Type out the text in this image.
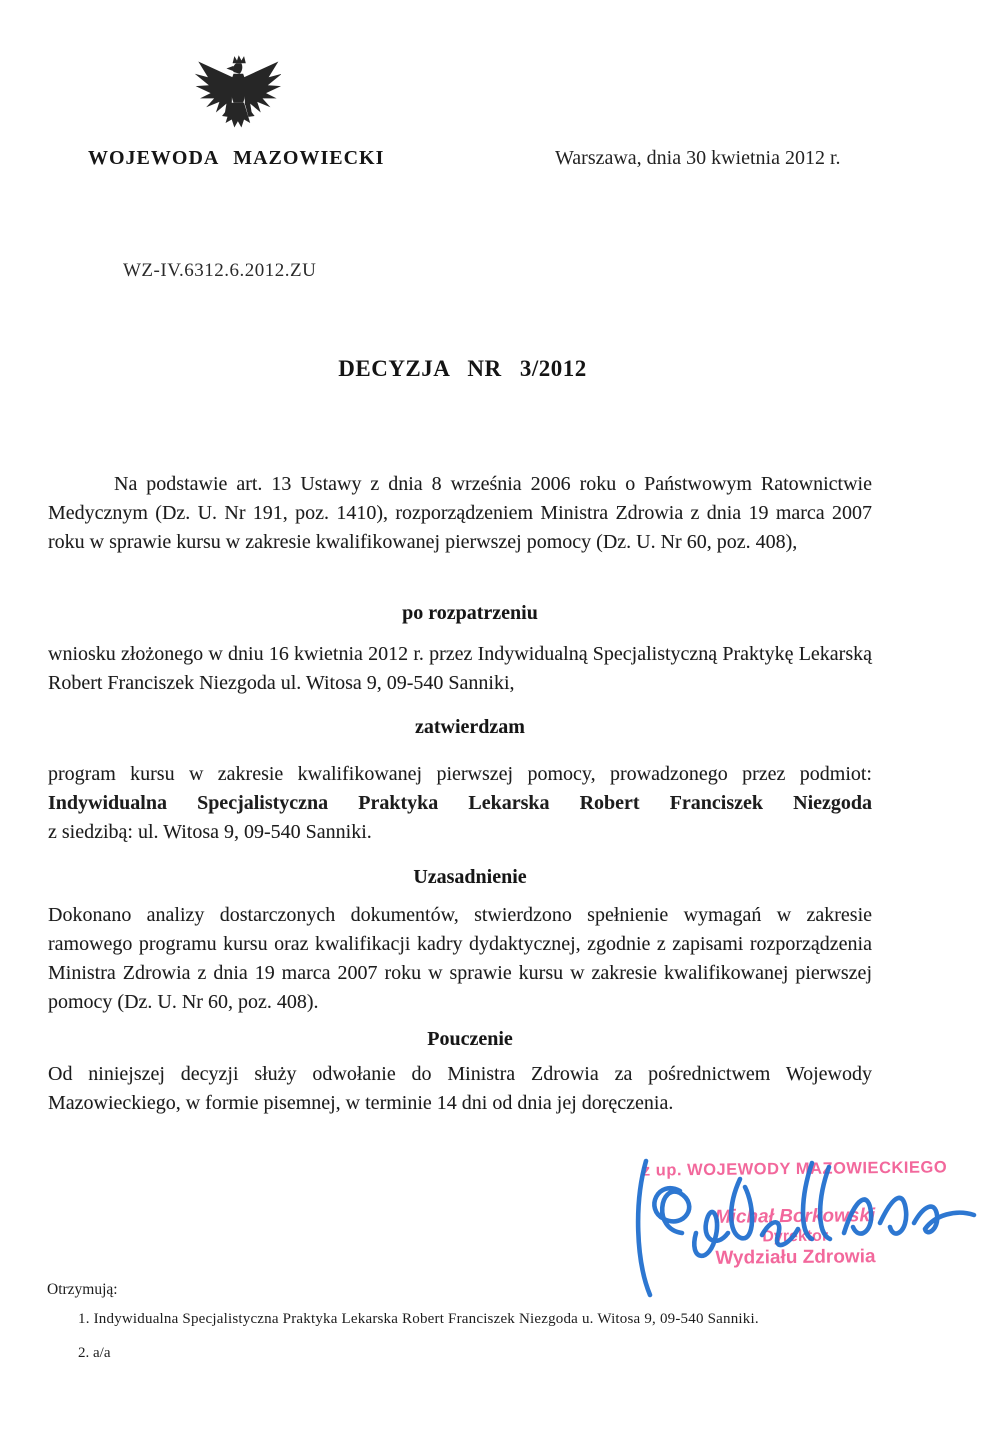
WOJEWODA MAZOWIECKI	Warszawa, dnia 30 kwietnia 2012 r.
WZ-IV.6312.6.2012.ZU
DECYZJA NR 3/2012
Na podstawie art. 13 Ustawy z dnia 8 września 2006 roku o Państwowym Ratownictwie Medycznym (Dz. U. Nr 191, poz. 1410), rozporządzeniem Ministra Zdrowia z dnia 19 marca 2007 roku w sprawie kursu w zakresie kwalifikowanej pierwszej pomocy (Dz. U. Nr 60, poz. 408),
po rozpatrzeniu
wniosku złożonego w dniu 16 kwietnia 2012 r. przez Indywidualną Specjalistyczną Praktykę Lekarską Robert Franciszek Niezgoda ul. Witosa 9, 09-540 Sanniki,
zatwierdzam
program kursu w zakresie kwalifikowanej pierwszej pomocy, prowadzonego przez podmiot:
Indywidualna Specjalistyczna Praktyka Lekarska Robert Franciszek Niezgoda
z siedzibą: ul. Witosa 9, 09-540 Sanniki.
Uzasadnienie
Dokonano analizy dostarczonych dokumentów, stwierdzono spełnienie wymagań w zakresie ramowego programu kursu oraz kwalifikacji kadry dydaktycznej, zgodnie z zapisami rozporządzenia Ministra Zdrowia z dnia 19 marca 2007 roku w sprawie kursu w zakresie kwalifikowanej pierwszej pomocy (Dz. U. Nr 60, poz. 408).
Pouczenie
Od niniejszej decyzji służy odwołanie do Ministra Zdrowia za pośrednictwem Wojewody Mazowieckiego, w formie pisemnej, w terminie 14 dni od dnia jej doręczenia.

z up. WOJEWODY MAZOWIECKIEGO

Michał Borkowski

Dyrektor

Wydziału Zdrowia

Otrzymują:
1. Indywidualna Specjalistyczna Praktyka Lekarska Robert Franciszek Niezgoda u. Witosa 9, 09-540 Sanniki.
2. a/a
